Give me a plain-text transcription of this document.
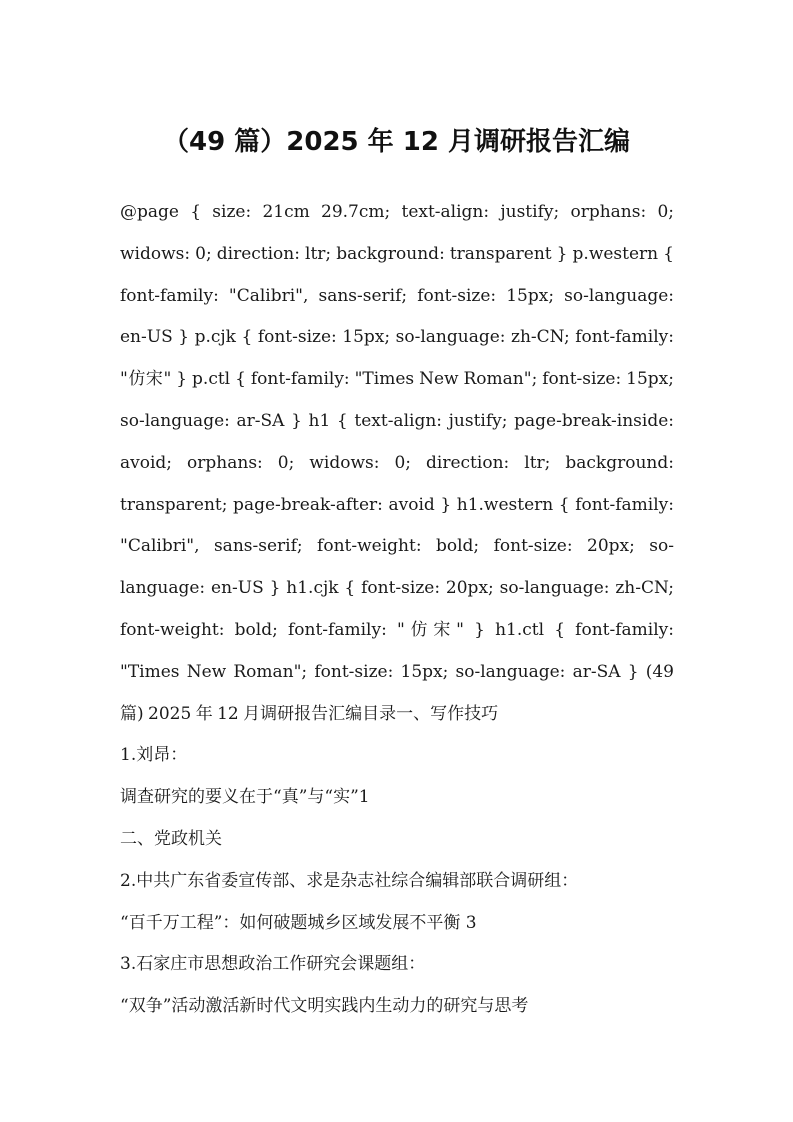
（49 篇）2025 年 12 月调研报告汇编

@page { size: 21cm 29.7cm; text-align: justify; orphans: 0; widows: 0; direction: ltr; background: transparent } p.western { font-family: "Calibri", sans-serif; font-size: 15px; so-language: en-US } p.cjk { font-size: 15px; so-language: zh-CN; font-family: "仿宋" } p.ctl { font-family: "Times New Roman"; font-size: 15px; so-language: ar-SA } h1 { text-align: justify; page-break-inside: avoid; orphans: 0; widows: 0; direction: ltr; background: transparent; page-break-after: avoid } h1.western { font-family: "Calibri", sans-serif; font-weight: bold; font-size: 20px; so-language: en-US } h1.cjk { font-size: 20px; so-language: zh-CN; font-weight: bold; font-family: "仿宋" } h1.ctl { font-family: "Times New Roman"; font-size: 15px; so-language: ar-SA } (49 篇) 2025 年 12 月调研报告汇编目录一、写作技巧

1.刘昂：

调查研究的要义在于“真”与“实”1

二、党政机关

2.中共广东省委宣传部、求是杂志社综合编辑部联合调研组：

“百千万工程”：如何破题城乡区域发展不平衡 3

3.石家庄市思想政治工作研究会课题组：

“双争”活动激活新时代文明实践内生动力的研究与思考
